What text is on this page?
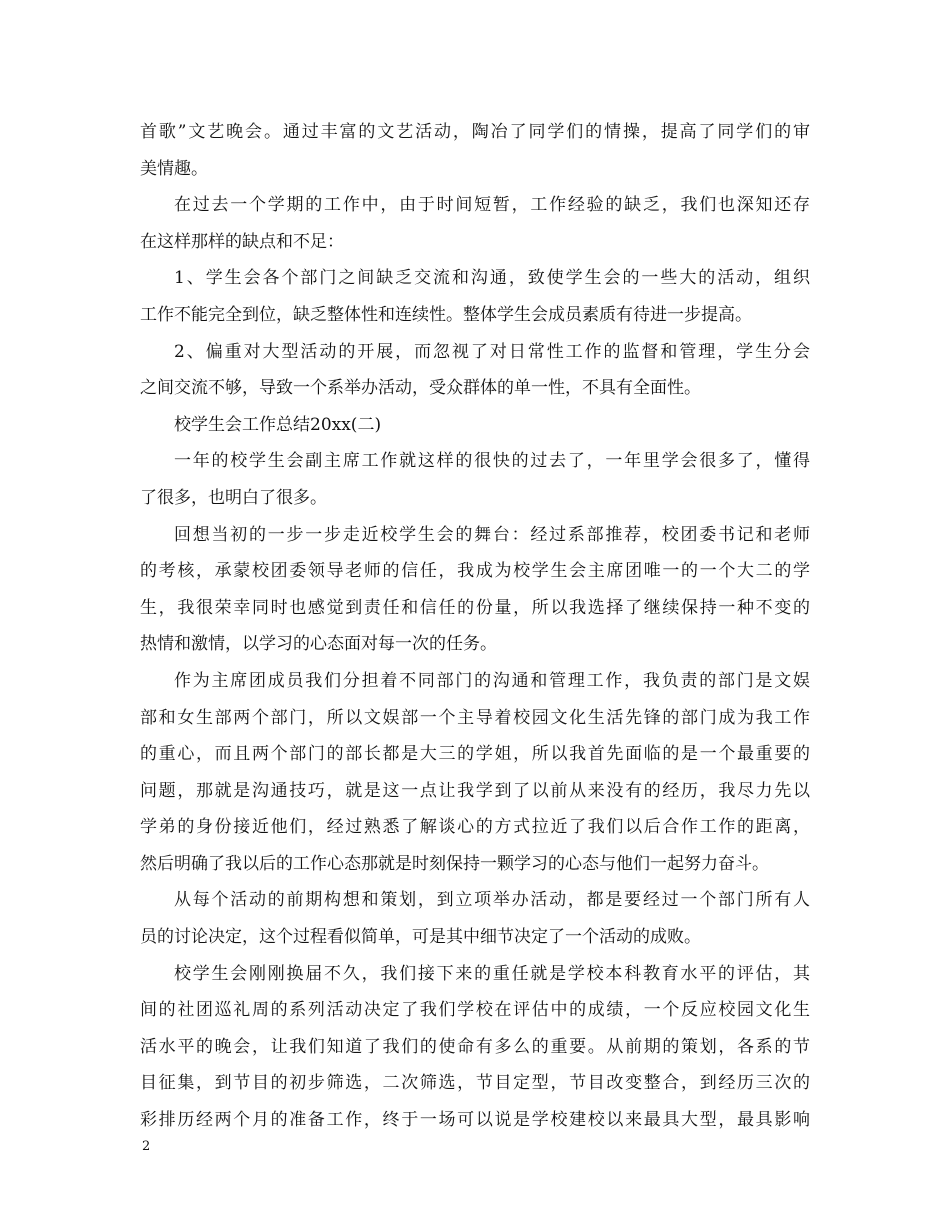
首歌”文艺晚会。通过丰富的文艺活动，陶冶了同学们的情操，提高了同学们的审
美情趣。
在过去一个学期的工作中，由于时间短暂，工作经验的缺乏，我们也深知还存
在这样那样的缺点和不足：
1、学生会各个部门之间缺乏交流和沟通，致使学生会的一些大的活动，组织
工作不能完全到位，缺乏整体性和连续性。整体学生会成员素质有待进一步提高。
2、偏重对大型活动的开展，而忽视了对日常性工作的监督和管理，学生分会
之间交流不够，导致一个系举办活动，受众群体的单一性，不具有全面性。
校学生会工作总结20xx(二)
一年的校学生会副主席工作就这样的很快的过去了，一年里学会很多了，懂得
了很多，也明白了很多。
回想当初的一步一步走近校学生会的舞台：经过系部推荐，校团委书记和老师
的考核，承蒙校团委领导老师的信任，我成为校学生会主席团唯一的一个大二的学
生，我很荣幸同时也感觉到责任和信任的份量，所以我选择了继续保持一种不变的
热情和激情，以学习的心态面对每一次的任务。
作为主席团成员我们分担着不同部门的沟通和管理工作，我负责的部门是文娱
部和女生部两个部门，所以文娱部一个主导着校园文化生活先锋的部门成为我工作
的重心，而且两个部门的部长都是大三的学姐，所以我首先面临的是一个最重要的
问题，那就是沟通技巧，就是这一点让我学到了以前从来没有的经历，我尽力先以
学弟的身份接近他们，经过熟悉了解谈心的方式拉近了我们以后合作工作的距离，
然后明确了我以后的工作心态那就是时刻保持一颗学习的心态与他们一起努力奋斗。
从每个活动的前期构想和策划，到立项举办活动，都是要经过一个部门所有人
员的讨论决定，这个过程看似简单，可是其中细节决定了一个活动的成败。
校学生会刚刚换届不久，我们接下来的重任就是学校本科教育水平的评估，其
间的社团巡礼周的系列活动决定了我们学校在评估中的成绩，一个反应校园文化生
活水平的晚会，让我们知道了我们的使命有多么的重要。从前期的策划，各系的节
目征集，到节目的初步筛选，二次筛选，节目定型，节目改变整合，到经历三次的
彩排历经两个月的准备工作，终于一场可以说是学校建校以来最具大型，最具影响
2
